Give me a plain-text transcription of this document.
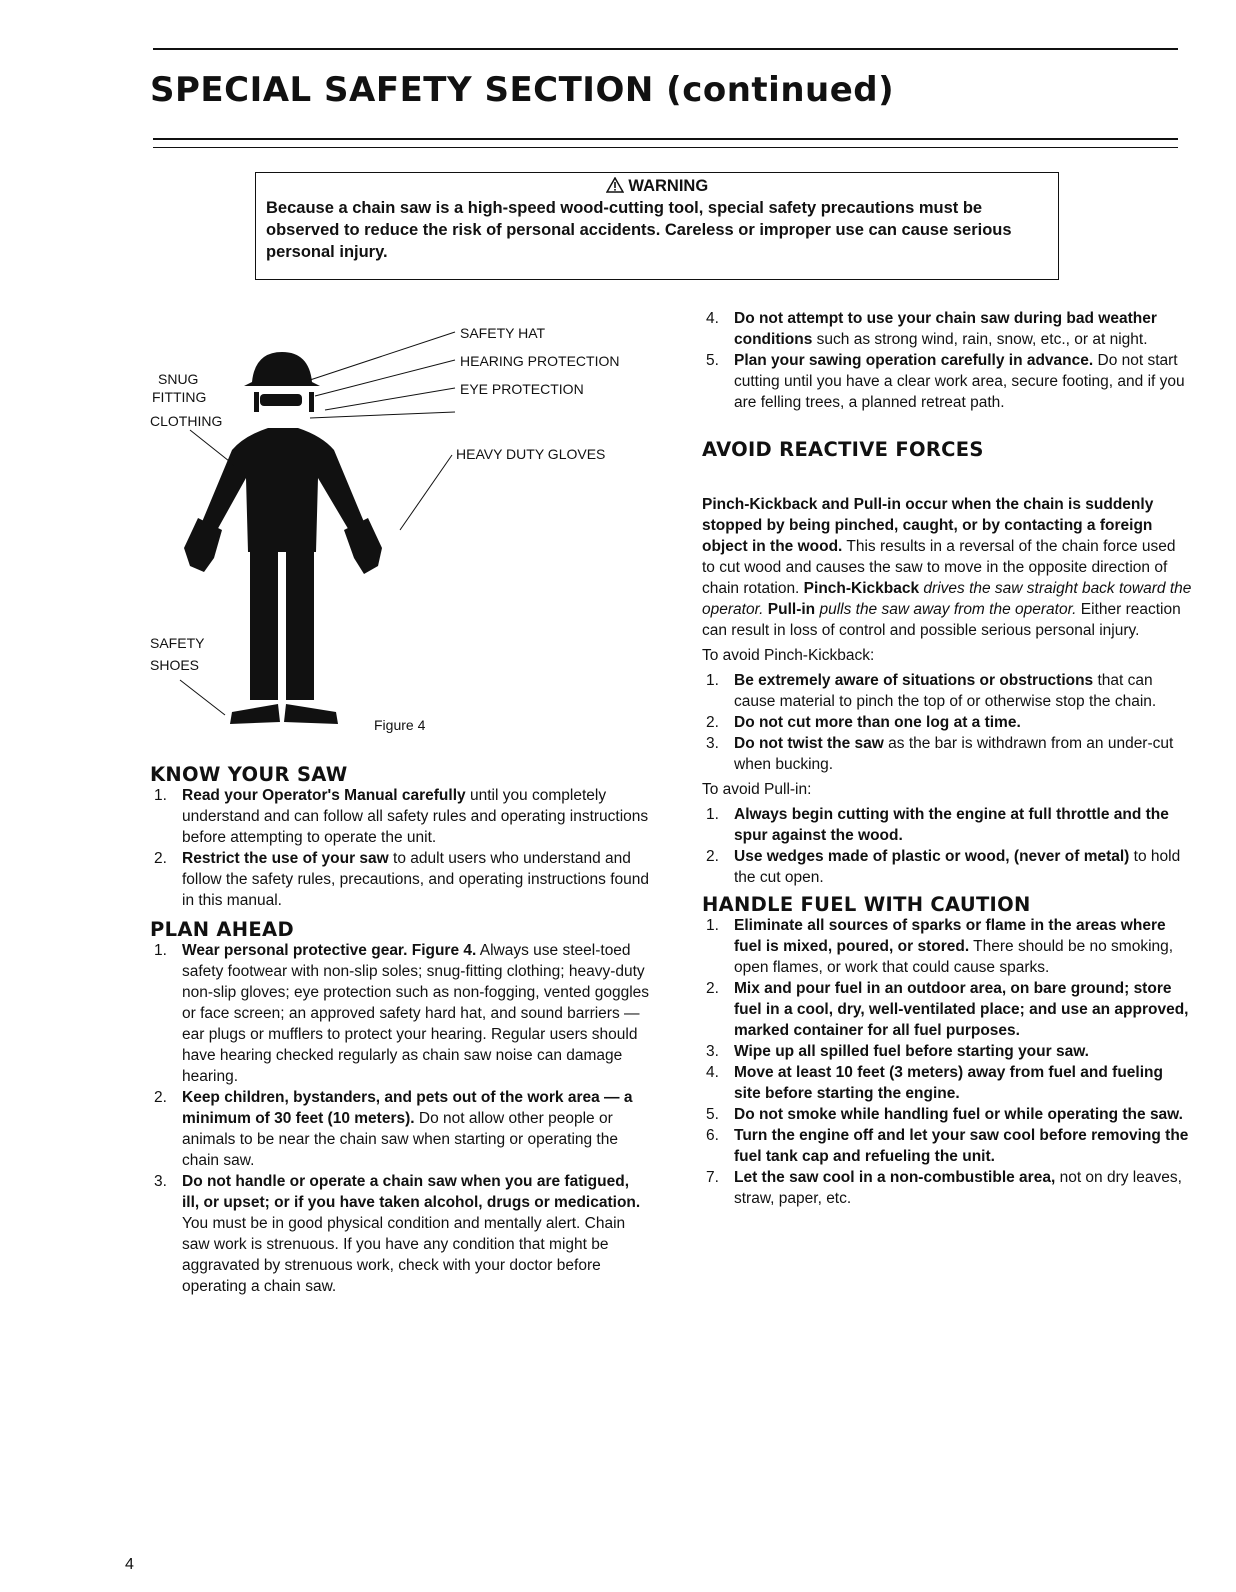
SPECIAL SAFETY SECTION (continued)
WARNING
Because a chain saw is a high-speed wood-cutting tool, special safety precautions must be observed to reduce the risk of personal accidents. Careless or improper use can cause serious personal injury.
SAFETY HAT
HEARING PROTECTION
EYE PROTECTION
HEAVY DUTY GLOVES
SNUG
FITTING
CLOTHING
SAFETY
SHOES
Figure 4
KNOW YOUR SAW
1. Read your Operator's Manual carefully until you completely understand and can follow all safety rules and operating instructions before attempting to operate the unit.
2. Restrict the use of your saw to adult users who understand and follow the safety rules, precautions, and operating instructions found in this manual.
PLAN AHEAD
1. Wear personal protective gear. Figure 4. Always use steel-toed safety footwear with non-slip soles; snug-fitting clothing; heavy-duty non-slip gloves; eye protection such as non-fogging, vented goggles or face screen; an approved safety hard hat, and sound barriers — ear plugs or mufflers to protect your hearing. Regular users should have hearing checked regularly as chain saw noise can damage hearing.
2. Keep children, bystanders, and pets out of the work area — a minimum of 30 feet (10 meters). Do not allow other people or animals to be near the chain saw when starting or operating the chain saw.
3. Do not handle or operate a chain saw when you are fatigued, ill, or upset; or if you have taken alcohol, drugs or medication. You must be in good physical condition and mentally alert. Chain saw work is strenuous. If you have any condition that might be aggravated by strenuous work, check with your doctor before operating a chain saw.
4. Do not attempt to use your chain saw during bad weather conditions such as strong wind, rain, snow, etc., or at night.
5. Plan your sawing operation carefully in advance. Do not start cutting until you have a clear work area, secure footing, and if you are felling trees, a planned retreat path.
AVOID REACTIVE FORCES

Pinch-Kickback and Pull-in occur when the chain is suddenly stopped by being pinched, caught, or by contacting a foreign object in the wood. This results in a reversal of the chain force used to cut wood and causes the saw to move in the opposite direction of chain rotation. Pinch-Kickback drives the saw straight back toward the operator. Pull-in pulls the saw away from the operator. Either reaction can result in loss of control and possible serious personal injury.

To avoid Pinch-Kickback:
1. Be extremely aware of situations or obstructions that can cause material to pinch the top of or otherwise stop the chain.
2. Do not cut more than one log at a time.
3. Do not twist the saw as the bar is withdrawn from an under-cut when bucking.
To avoid Pull-in:
1. Always begin cutting with the engine at full throttle and the spur against the wood.
2. Use wedges made of plastic or wood, (never of metal) to hold the cut open.
HANDLE FUEL WITH CAUTION
1. Eliminate all sources of sparks or flame in the areas where fuel is mixed, poured, or stored. There should be no smoking, open flames, or work that could cause sparks.
2. Mix and pour fuel in an outdoor area, on bare ground; store fuel in a cool, dry, well-ventilated place; and use an approved, marked container for all fuel purposes.
3. Wipe up all spilled fuel before starting your saw.
4. Move at least 10 feet (3 meters) away from fuel and fueling site before starting the engine.
5. Do not smoke while handling fuel or while operating the saw.
6. Turn the engine off and let your saw cool before removing the fuel tank cap and refueling the unit.
7. Let the saw cool in a non-combustible area, not on dry leaves, straw, paper, etc.
4
